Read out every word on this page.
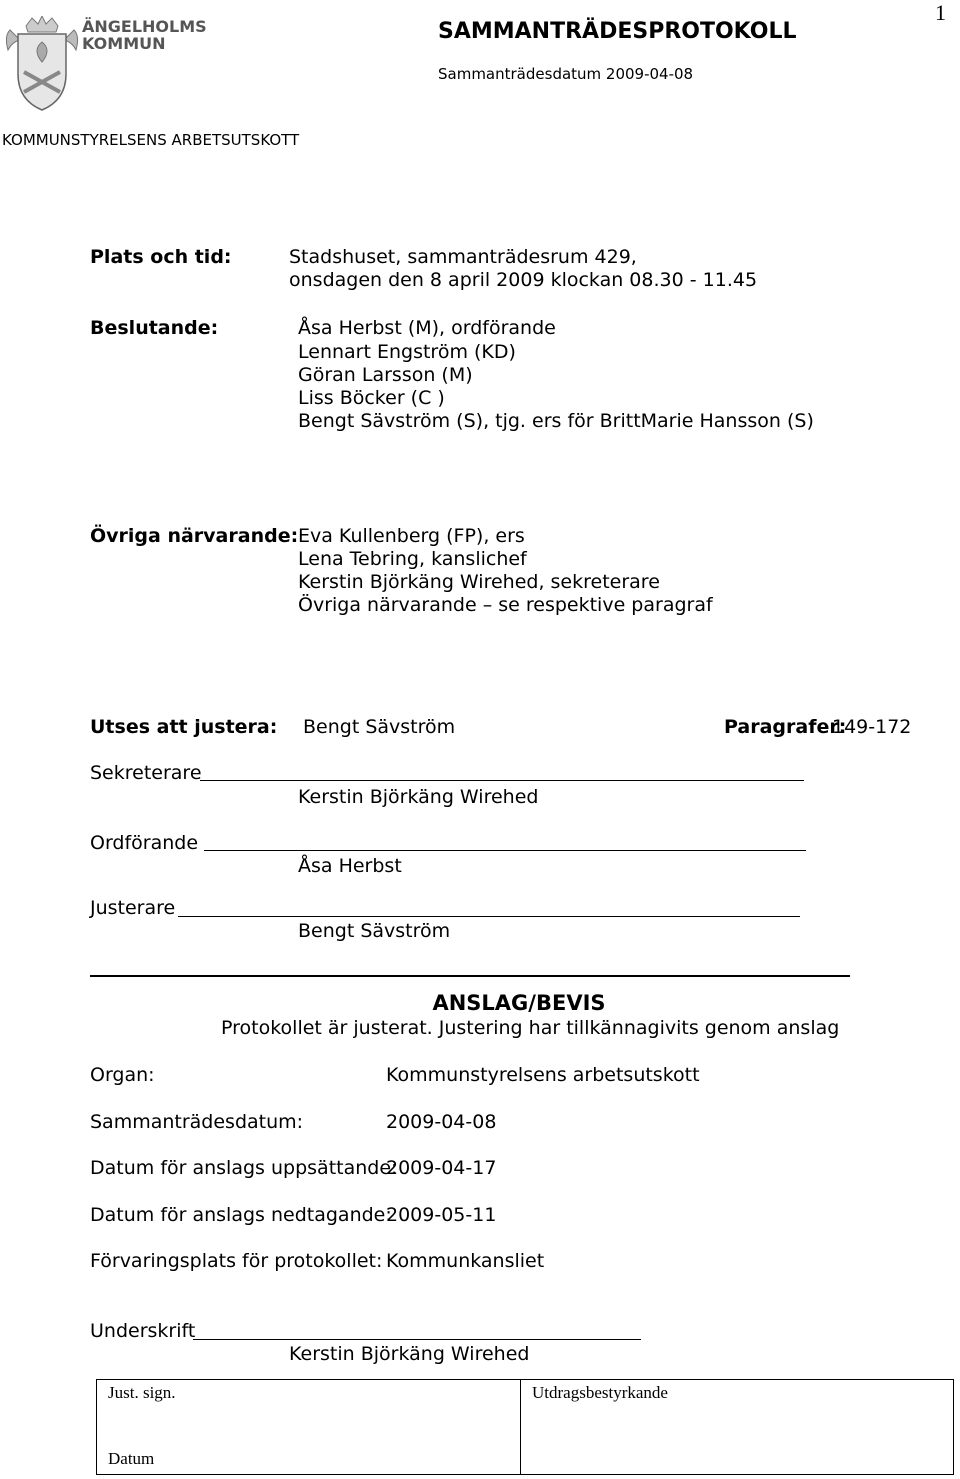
1
ÄNGELHOLMS
KOMMUN	SAMMANTRÄDESPROTOKOLL
Sammanträdesdatum 2009-04-08
KOMMUNSTYRELSENS ARBETSUTSKOTT
Plats och tid:	Stadshuset, sammanträdesrum 429,
onsdagen den 8 april 2009 klockan 08.30 - 11.45
Beslutande:	Åsa Herbst (M), ordförande
Lennart Engström (KD)
Göran Larsson (M)
Liss Böcker (C )
Bengt Sävström (S), tjg. ers för BrittMarie Hansson (S)
Övriga närvarande: Eva Kullenberg (FP), ers
Lena Tebring, kanslichef
Kerstin Björkäng Wirehed, sekreterare
Övriga närvarande – se respektive paragraf
Utses att justera: Bengt Sävström	Paragrafer:
149-172
Sekreterare
Kerstin Björkäng Wirehed
Ordförande
Åsa Herbst
Justerare
Bengt Sävström
ANSLAG/BEVIS
Protokollet är justerat. Justering har tillkännagivits genom anslag
Organ:	Kommunstyrelsens arbetsutskott
Sammanträdesdatum:	2009-04-08
Datum för anslags uppsättande:
2009-04-17
Datum för anslags nedtagande:
2009-05-11
Förvaringsplats för protokollet: Kommunkansliet
Underskrift
Kerstin Björkäng Wirehed
Just. sign.
Datum
Utdragsbestyrkande
